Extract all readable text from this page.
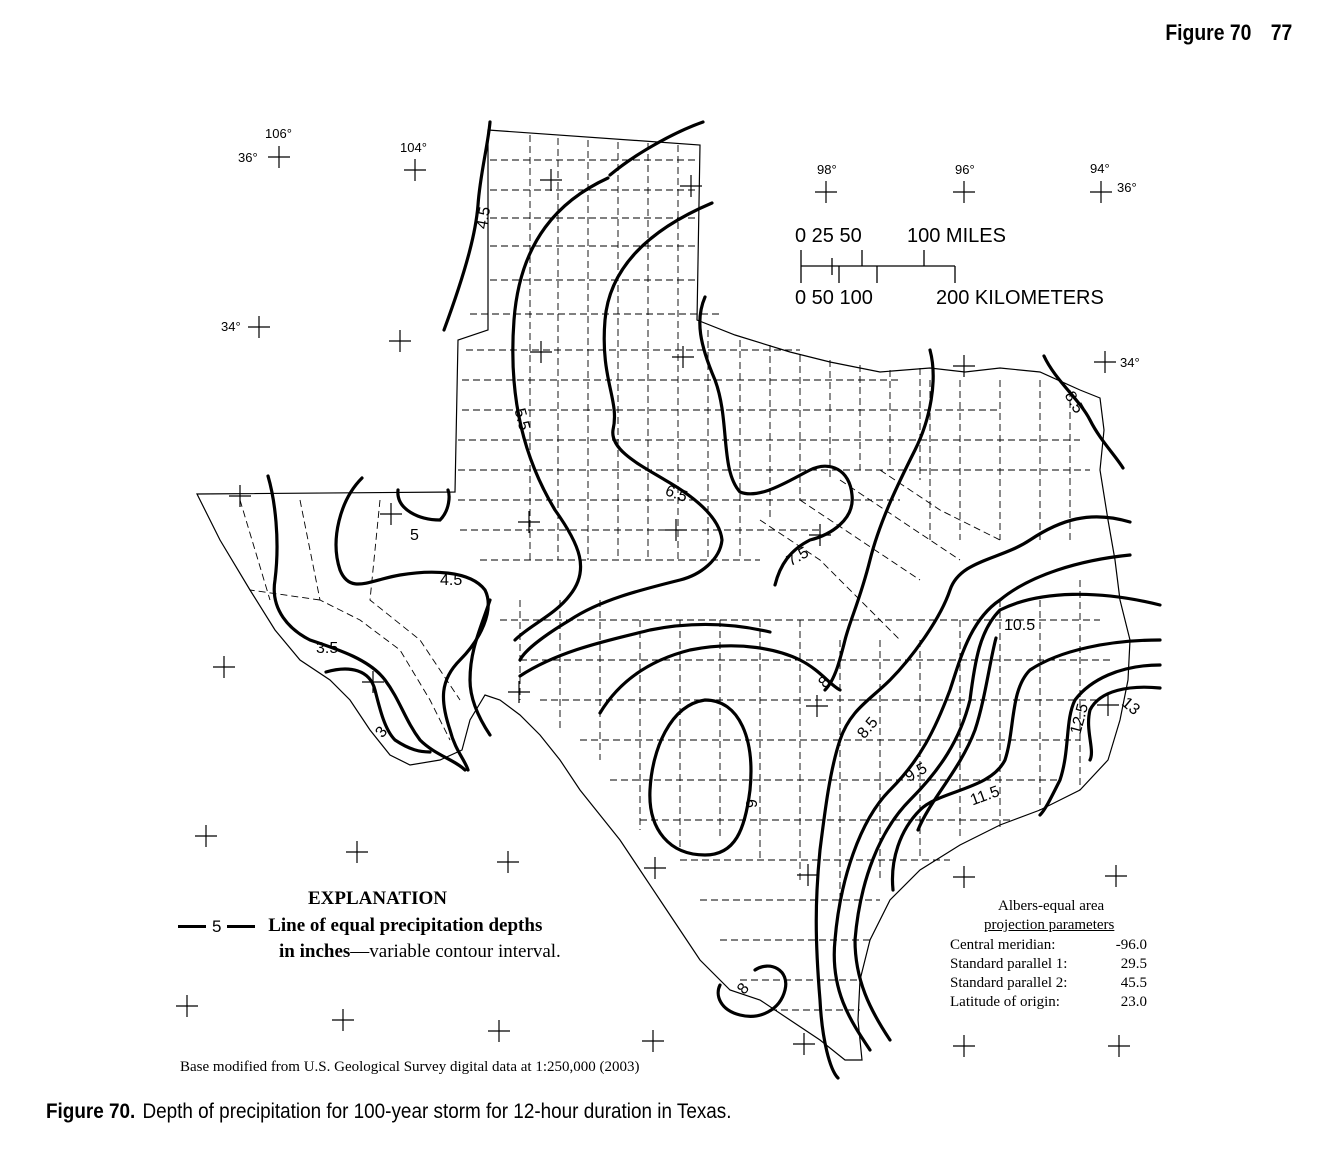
Figure 70 77
106°
104°
98°	96°	94°
36°
36°
34°
34°
4.5
5.5
6.5
7.5
5
4.5
3.5
3
8
8.5
9.5
10.5
11.5
12.5 13
9
8
8.5
0 25 50 100 MILES
0 50 100	200 KILOMETERS
EXPLANATION
5 Line of equal precipitation depths
in inches—variable contour interval.
Albers-equal area
projection parameters
Central meridian:	-96.0
Standard parallel 1:	29.5
Standard parallel 2:	45.5
Latitude of origin:	23.0
Base modified from U.S. Geological Survey digital data at 1:250,000 (2003)
Figure 70. Depth of precipitation for 100-year storm for 12-hour duration in Texas.
